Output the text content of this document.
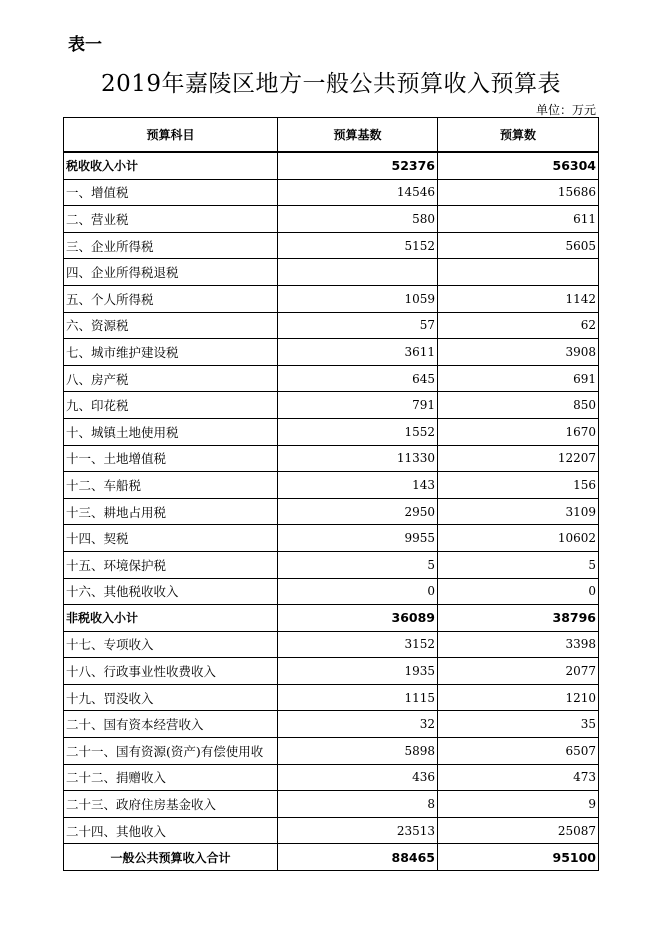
表一
2019年嘉陵区地方一般公共预算收入预算表
单位：万元
预算科目	预算基数	预算数
税收收入小计	52376	56304
一、增值税	14546	15686
二、营业税	580	611
三、企业所得税	5152	5605
四、企业所得税退税		
五、个人所得税	1059	1142
六、资源税	57	62
七、城市维护建设税	3611	3908
八、房产税	645	691
九、印花税	791	850
十、城镇土地使用税	1552	1670
十一、土地增值税	11330	12207
十二、车船税	143	156
十三、耕地占用税	2950	3109
十四、契税	9955	10602
十五、环境保护税	5	5
十六、其他税收收入	0	0
非税收入小计	36089	38796
十七、专项收入	3152	3398
十八、行政事业性收费收入	1935	2077
十九、罚没收入	1115	1210
二十、国有资本经营收入	32	35
二十一、国有资源(资产)有偿使用收	5898	6507
二十二、捐赠收入	436	473
二十三、政府住房基金收入	8	9
二十四、其他收入	23513	25087
一般公共预算收入合计	88465	95100
